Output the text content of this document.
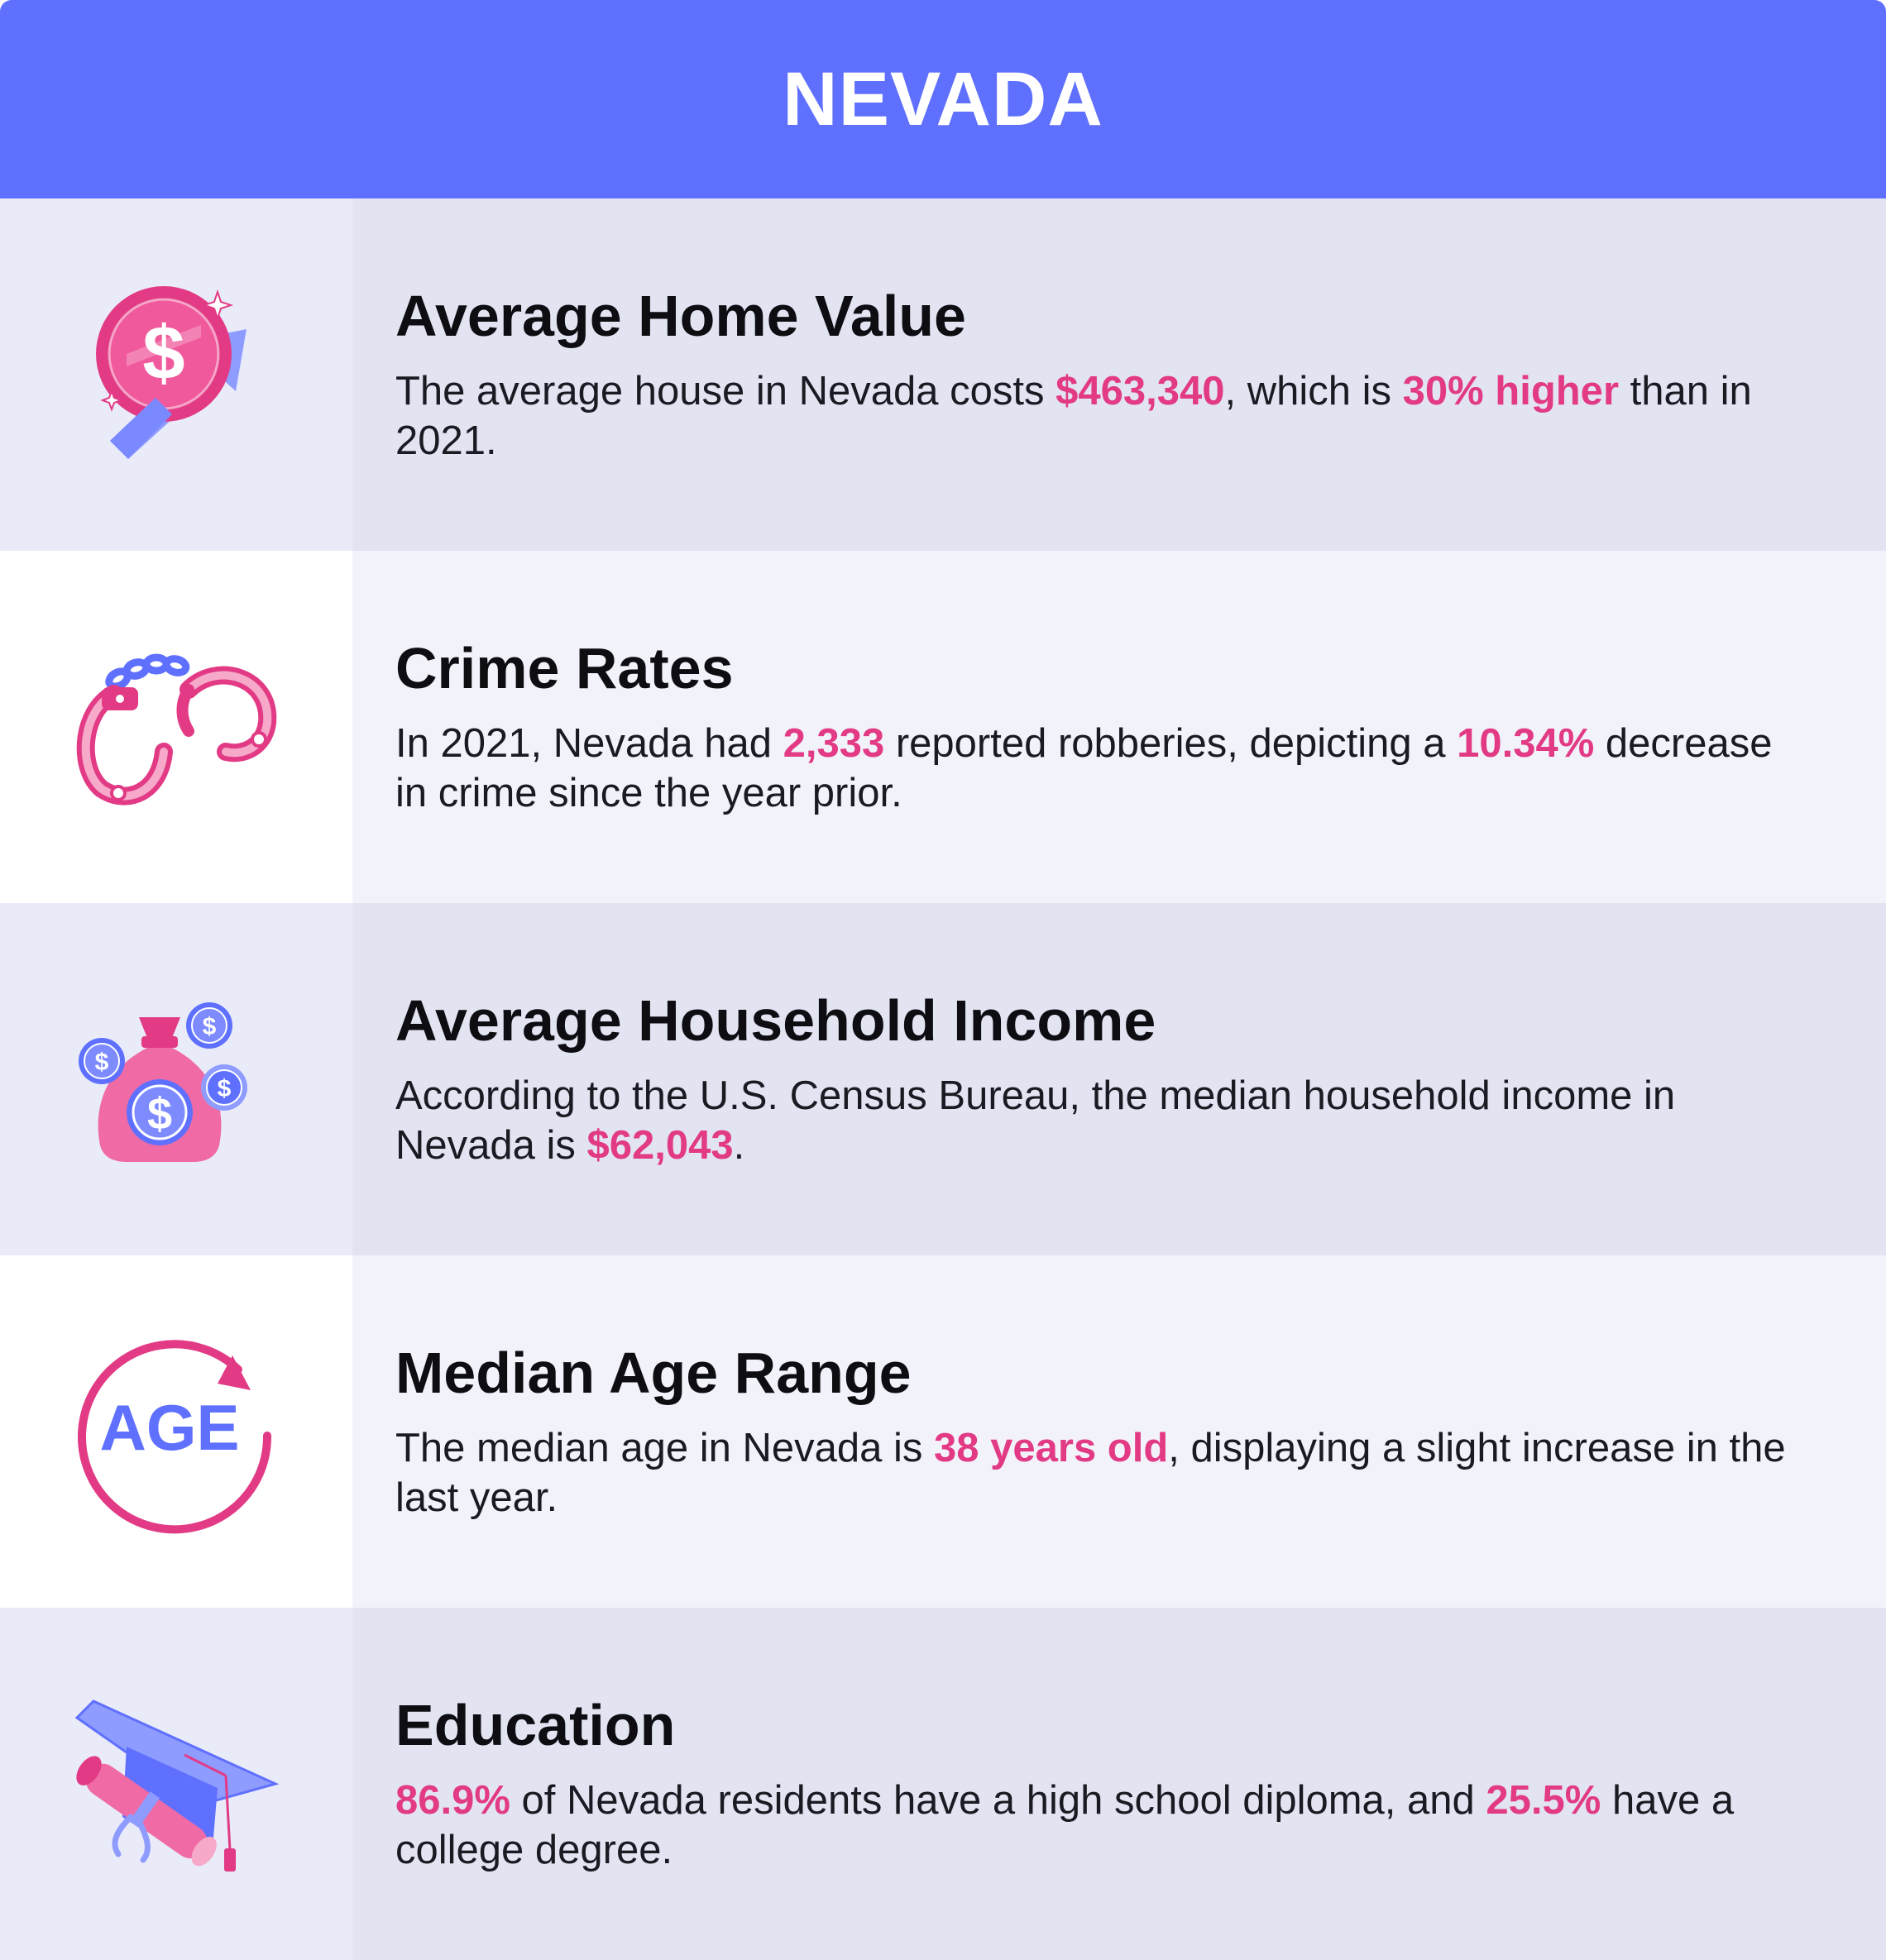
NEVADA
$	Average Home Value

The average house in Nevada costs $463,340, which is 30% higher than in 2021.

Crime Rates

In 2021, Nevada had 2,333 reported robberies, depicting a 10.34% decrease in crime since the year prior.

$
$
$
$
Average Household Income

According to the U.S. Census Bureau, the median household income in Nevada is $62,043.

AGE
Median Age Range

The median age in Nevada is 38 years old, displaying a slight increase in the last year.

Education

86.9% of Nevada residents have a high school diploma, and 25.5% have a college degree.
